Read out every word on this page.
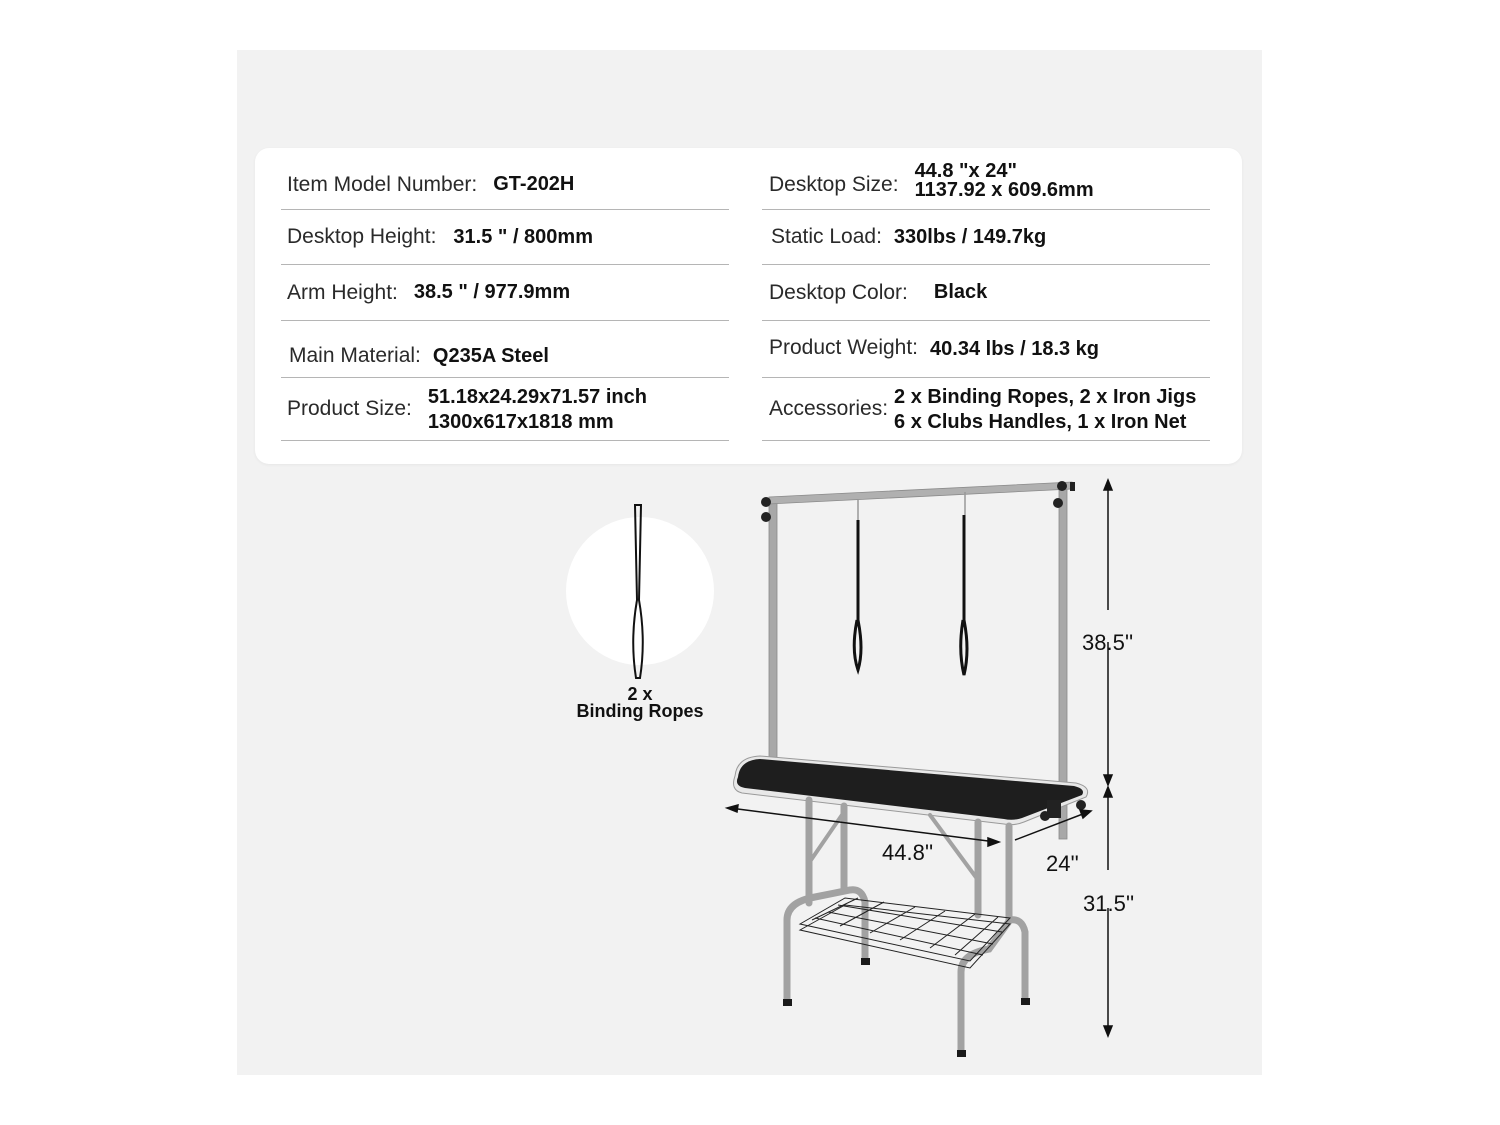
Item Model Number: GT-202H
Desktop Height: 31.5 " / 800mm
Arm Height: 38.5 " / 977.9mm
Main Material: Q235A Steel
Product Size:
51.18x24.29x71.57 inch
1300x617x1818 mm
Desktop Size:
44.8 "x 24"
1137.92 x 609.6mm
Static Load: 330lbs / 149.7kg
Desktop Color: Black
Product Weight: 40.34 lbs / 18.3 kg
Accessories:
2 x Binding Ropes, 2 x Iron Jigs
6 x Clubs Handles, 1 x Iron Net
2 x
Binding Ropes
38.5''
31.5''
44.8''	24''
